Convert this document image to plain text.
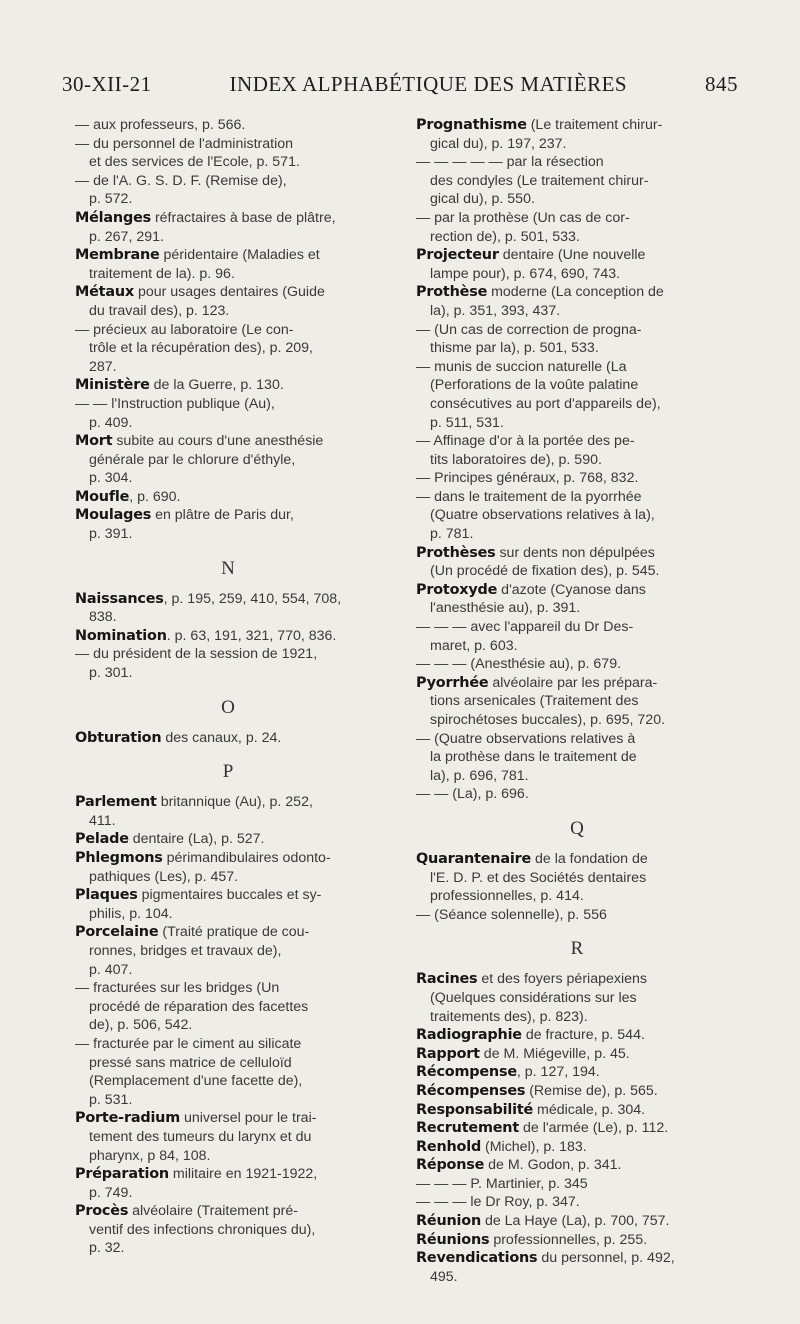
30-XII-21	INDEX ALPHABÉTIQUE DES MATIÈRES	845
— aux professeurs, p. 566.
— du personnel de l'administration
et des services de l'Ecole, p. 571.
— de l'A. G. S. D. F. (Remise de),
p. 572.
Mélanges réfractaires à base de plâtre,
p. 267, 291.
Membrane péridentaire (Maladies et
traitement de la). p. 96.
Métaux pour usages dentaires (Guide
du travail des), p. 123.
— précieux au laboratoire (Le con-
trôle et la récupération des), p. 209,
287.
Ministère de la Guerre, p. 130.
— — l'Instruction publique (Au),
p. 409.
Mort subite au cours d'une anesthésie
générale par le chlorure d'éthyle,
p. 304.
Moufle, p. 690.
Moulages en plâtre de Paris dur,
p. 391.
N
Naissances, p. 195, 259, 410, 554, 708,
838.
Nomination. p. 63, 191, 321, 770, 836.
— du président de la session de 1921,
p. 301.
O
Obturation des canaux, p. 24.
P
Parlement britannique (Au), p. 252,
411.
Pelade dentaire (La), p. 527.
Phlegmons périmandibulaires odonto-
pathiques (Les), p. 457.
Plaques pigmentaires buccales et sy-
philis, p. 104.
Porcelaine (Traité pratique de cou-
ronnes, bridges et travaux de),
p. 407.
— fracturées sur les bridges (Un
procédé de réparation des facettes
de), p. 506, 542.
— fracturée par le ciment au silicate
pressé sans matrice de celluloïd
(Remplacement d'une facette de),
p. 531.
Porte-radium universel pour le trai-
tement des tumeurs du larynx et du
pharynx, p 84, 108.
Préparation militaire en 1921-1922,
p. 749.
Procès alvéolaire (Traitement pré-
ventif des infections chroniques du),
p. 32.
Prognathisme (Le traitement chirur-
gical du), p. 197, 237.
— — — — — par la résection
des condyles (Le traitement chirur-
gical du), p. 550.
— par la prothèse (Un cas de cor-
rection de), p. 501, 533.
Projecteur dentaire (Une nouvelle
lampe pour), p. 674, 690, 743.
Prothèse moderne (La conception de
la), p. 351, 393, 437.
— (Un cas de correction de progna-
thisme par la), p. 501, 533.
— munis de succion naturelle (La
(Perforations de la voûte palatine
consécutives au port d'appareils de),
p. 511, 531.
— Affinage d'or à la portée des pe-
tits laboratoires de), p. 590.
— Principes généraux, p. 768, 832.
— dans le traitement de la pyorrhée
(Quatre observations relatives à la),
p. 781.
Prothèses sur dents non dépulpées
(Un procédé de fixation des), p. 545.
Protoxyde d'azote (Cyanose dans
l'anesthésie au), p. 391.
— — — avec l'appareil du Dr Des-
maret, p. 603.
— — — (Anesthésie au), p. 679.
Pyorrhée alvéolaire par les prépara-
tions arsenicales (Traitement des
spirochétoses buccales), p. 695, 720.
— (Quatre observations relatives à
la prothèse dans le traitement de
la), p. 696, 781.
— — (La), p. 696.
Q
Quarantenaire de la fondation de
l'E. D. P. et des Sociétés dentaires
professionnelles, p. 414.
— (Séance solennelle), p. 556
R
Racines et des foyers périapexiens
(Quelques considérations sur les
traitements des), p. 823).
Radiographie de fracture, p. 544.
Rapport de M. Miégeville, p. 45.
Récompense, p. 127, 194.
Récompenses (Remise de), p. 565.
Responsabilité médicale, p. 304.
Recrutement de l'armée (Le), p. 112.
Renhold (Michel), p. 183.
Réponse de M. Godon, p. 341.
— — — P. Martinier, p. 345
— — — le Dr Roy, p. 347.
Réunion de La Haye (La), p. 700, 757.
Réunions professionnelles, p. 255.
Revendications du personnel, p. 492,
495.
